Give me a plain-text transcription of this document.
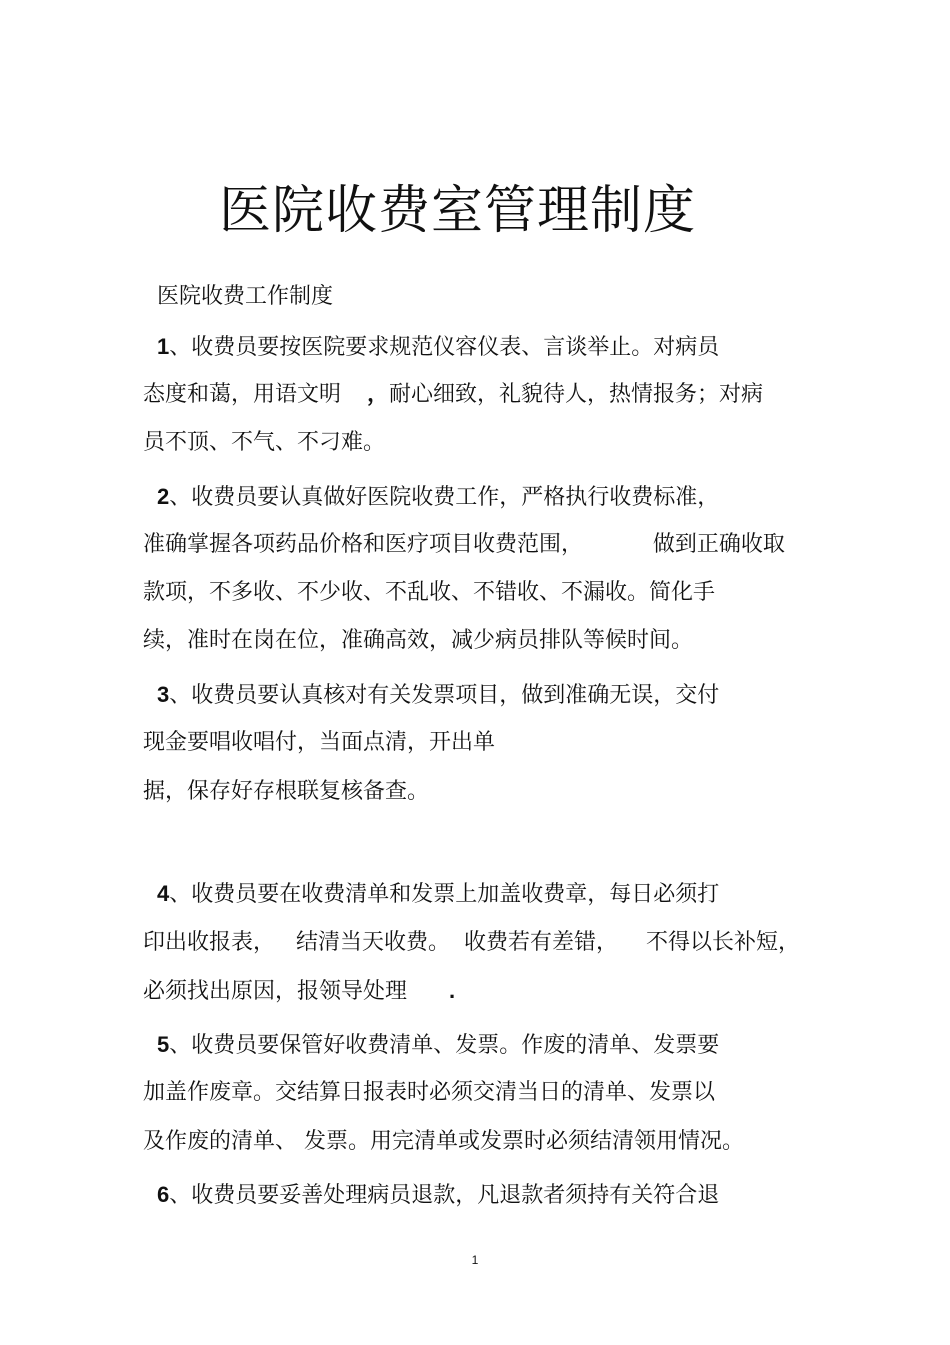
医院收费室管理制度
医院收费工作制度
1、收费员要按医院要求规范仪容仪表、言谈举止。对病员
态度和蔼，用语文明 ，耐心细致，礼貌待人，热情报务；对病
员不顶、不气、不刁难。
2、收费员要认真做好医院收费工作，严格执行收费标准，
准确掌握各项药品价格和医疗项目收费范围，          做到正确收取
款项，不多收、不少收、不乱收、不错收、不漏收。简化手
续，准时在岗在位，准确高效，减少病员排队等候时间。
3、收费员要认真核对有关发票项目，做到准确无误，交付
现金要唱收唱付，当面点清，开出单
据，保存好存根联复核备查。
4、收费员要在收费清单和发票上加盖收费章，每日必须打
印出收报表，   结清当天收费。  收费若有差错，    不得以长补短，
必须找出原因，报领导处理      .
5、收费员要保管好收费清单、发票。作废的清单、发票要
加盖作废章。交结算日报表时必须交清当日的清单、发票以
及作废的清单、 发票。用完清单或发票时必须结清领用情况。
6、收费员要妥善处理病员退款，凡退款者须持有关符合退
1
